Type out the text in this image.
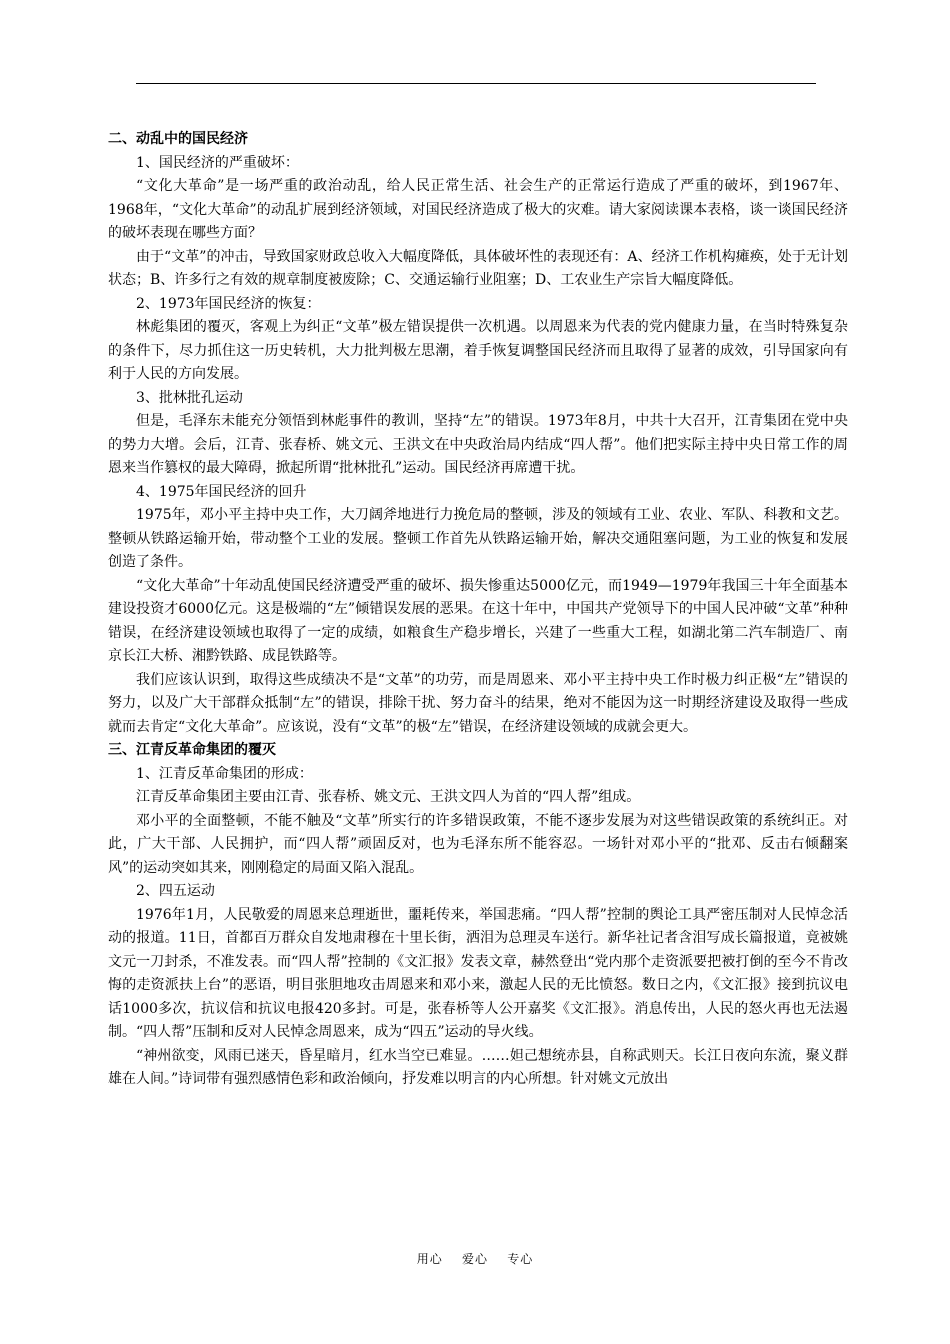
二、动乱中的国民经济

1、国民经济的严重破坏：

“文化大革命”是一场严重的政治动乱，给人民正常生活、社会生产的正常运行造成了严重的破坏，到1967年、1968年，“文化大革命”的动乱扩展到经济领域，对国民经济造成了极大的灾难。请大家阅读课本表格，谈一谈国民经济的破坏表现在哪些方面？

由于“文革”的冲击，导致国家财政总收入大幅度降低，具体破坏性的表现还有：A、经济工作机构瘫痪，处于无计划状态；B、许多行之有效的规章制度被废除；C、交通运输行业阻塞；D、工农业生产宗旨大幅度降低。

2、1973年国民经济的恢复：

林彪集团的覆灭，客观上为纠正“文革”极左错误提供一次机遇。以周恩来为代表的党内健康力量，在当时特殊复杂的条件下，尽力抓住这一历史转机，大力批判极左思潮，着手恢复调整国民经济而且取得了显著的成效，引导国家向有利于人民的方向发展。

3、批林批孔运动

但是，毛泽东未能充分领悟到林彪事件的教训，坚持“左”的错误。1973年8月，中共十大召开，江青集团在党中央的势力大增。会后，江青、张春桥、姚文元、王洪文在中央政治局内结成“四人帮”。他们把实际主持中央日常工作的周恩来当作篡权的最大障碍，掀起所谓“批林批孔”运动。国民经济再席遭干扰。

4、1975年国民经济的回升

1975年，邓小平主持中央工作，大刀阔斧地进行力挽危局的整顿，涉及的领域有工业、农业、军队、科教和文艺。整顿从铁路运输开始，带动整个工业的发展。整顿工作首先从铁路运输开始，解决交通阻塞问题，为工业的恢复和发展创造了条件。

“文化大革命”十年动乱使国民经济遭受严重的破坏、损失惨重达5000亿元，而1949—1979年我国三十年全面基本建设投资才6000亿元。这是极端的“左”倾错误发展的恶果。在这十年中，中国共产党领导下的中国人民冲破“文革”种种错误，在经济建设领域也取得了一定的成绩，如粮食生产稳步增长，兴建了一些重大工程，如湖北第二汽车制造厂、南京长江大桥、湘黔铁路、成昆铁路等。

我们应该认识到，取得这些成绩决不是“文革”的功劳，而是周恩来、邓小平主持中央工作时极力纠正极“左”错误的努力，以及广大干部群众抵制“左”的错误，排除干扰、努力奋斗的结果，绝对不能因为这一时期经济建设及取得一些成就而去肯定“文化大革命”。应该说，没有“文革”的极“左”错误，在经济建设领域的成就会更大。

三、江青反革命集团的覆灭

1、江青反革命集团的形成：

江青反革命集团主要由江青、张春桥、姚文元、王洪文四人为首的“四人帮”组成。

邓小平的全面整顿，不能不触及“文革”所实行的许多错误政策，不能不逐步发展为对这些错误政策的系统纠正。对此，广大干部、人民拥护，而“四人帮”顽固反对，也为毛泽东所不能容忍。一场针对邓小平的“批邓、反击右倾翻案风”的运动突如其来，刚刚稳定的局面又陷入混乱。

2、四五运动

1976年1月，人民敬爱的周恩来总理逝世，噩耗传来，举国悲痛。“四人帮”控制的舆论工具严密压制对人民悼念活动的报道。11日，首都百万群众自发地肃穆在十里长街，洒泪为总理灵车送行。新华社记者含泪写成长篇报道，竟被姚文元一刀封杀，不准发表。而“四人帮”控制的《文汇报》发表文章，赫然登出“党内那个走资派要把被打倒的至今不肯改悔的走资派扶上台”的恶语，明目张胆地攻击周恩来和邓小来，激起人民的无比愤怒。数日之内，《文汇报》接到抗议电话1000多次，抗议信和抗议电报420多封。可是，张春桥等人公开嘉奖《文汇报》。消息传出，人民的怒火再也无法遏制。“四人帮”压制和反对人民悼念周恩来，成为“四五”运动的导火线。

“神州欲变，风雨已迷天，昏星暗月，红水当空已难显。……妲己想统赤县，自称武则天。长江日夜向东流，聚义群雄在人间。”诗词带有强烈感情色彩和政治倾向，抒发难以明言的内心所想。针对姚文元放出

用心    爱心    专心
